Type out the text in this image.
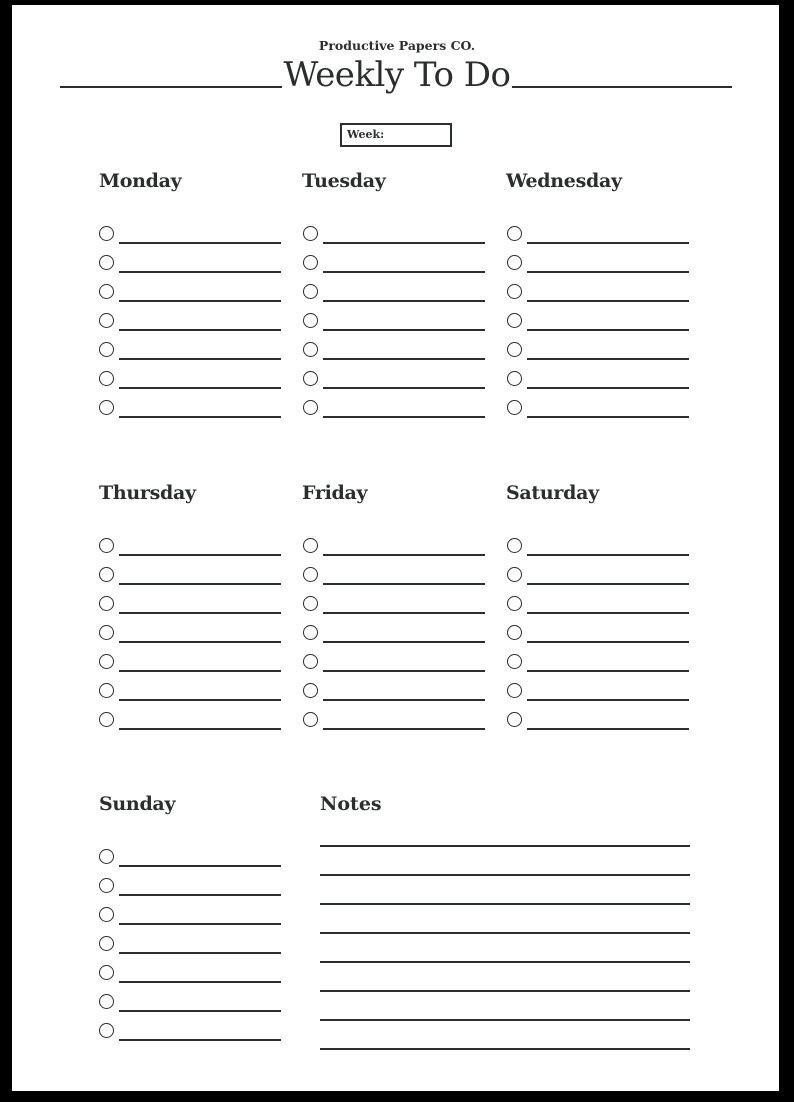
Productive Papers CO.
Weekly To Do
Week:
Monday	Tuesday	Wednesday
Thursday	Friday	Saturday
Sunday	Notes
